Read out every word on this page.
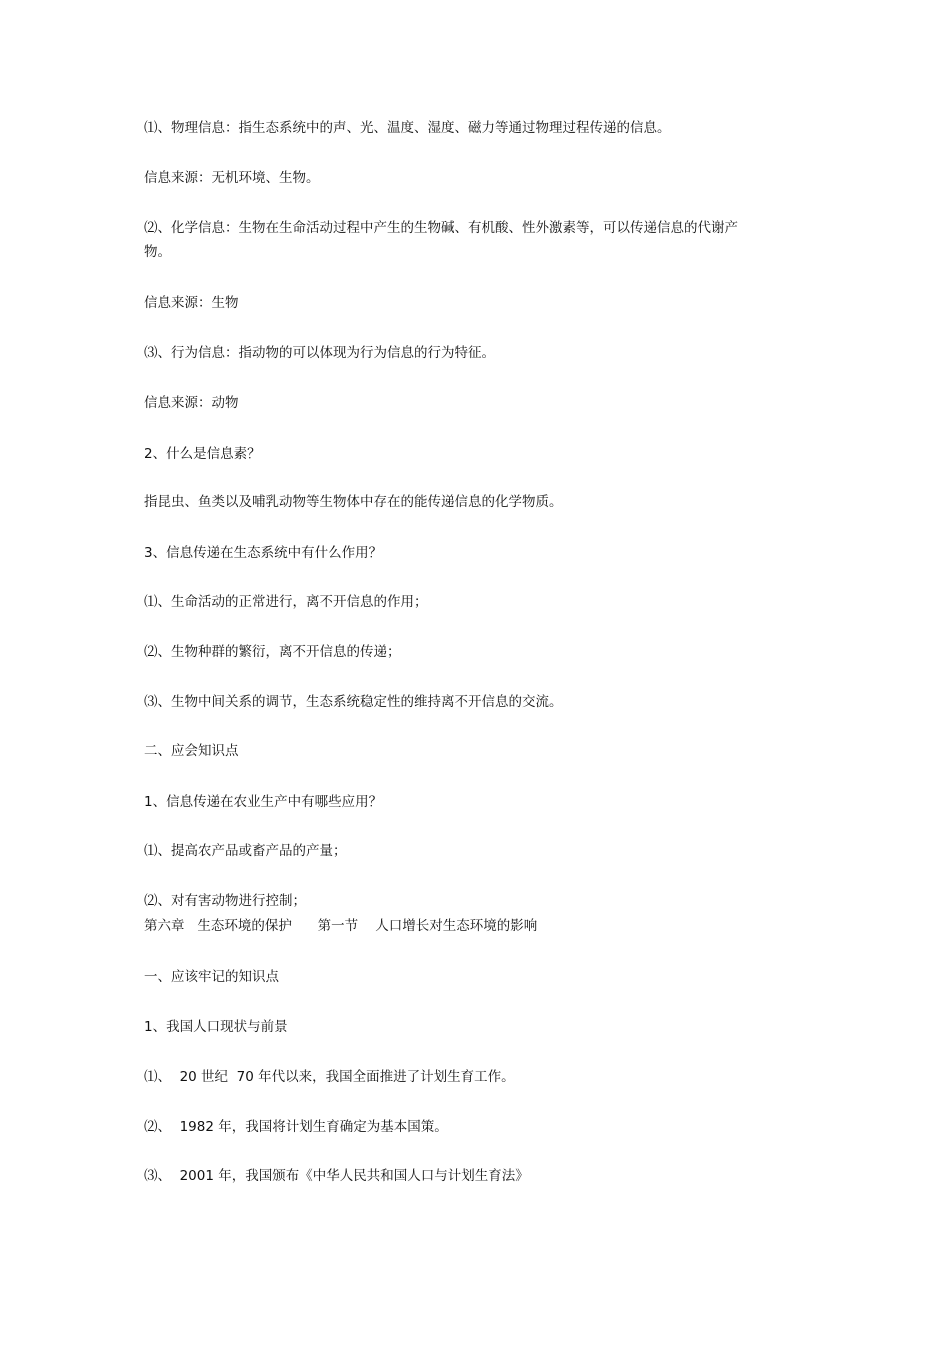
⑴、物理信息：指生态系统中的声、光、温度、湿度、磁力等通过物理过程传递的信息。
信息来源：无机环境、生物。
⑵、化学信息：生物在生命活动过程中产生的生物碱、有机酸、性外激素等，可以传递信息的代谢产物。
信息来源：生物
⑶、行为信息：指动物的可以体现为行为信息的行为特征。
信息来源：动物
2、什么是信息素？
指昆虫、鱼类以及哺乳动物等生物体中存在的能传递信息的化学物质。
3、信息传递在生态系统中有什么作用？
⑴、生命活动的正常进行，离不开信息的作用；
⑵、生物种群的繁衍，离不开信息的传递；
⑶、生物中间关系的调节，生态系统稳定性的维持离不开信息的交流。
二、应会知识点
1、信息传递在农业生产中有哪些应用？
⑴、提高农产品或畜产品的产量；
⑵、对有害动物进行控制；
第六章   生态环境的保护      第一节    人口增长对生态环境的影响
一、应该牢记的知识点
1、我国人口现状与前景
⑴、  20 世纪  70 年代以来，我国全面推进了计划生育工作。
⑵、  1982 年，我国将计划生育确定为基本国策。
⑶、  2001 年，我国颁布《中华人民共和国人口与计划生育法》
